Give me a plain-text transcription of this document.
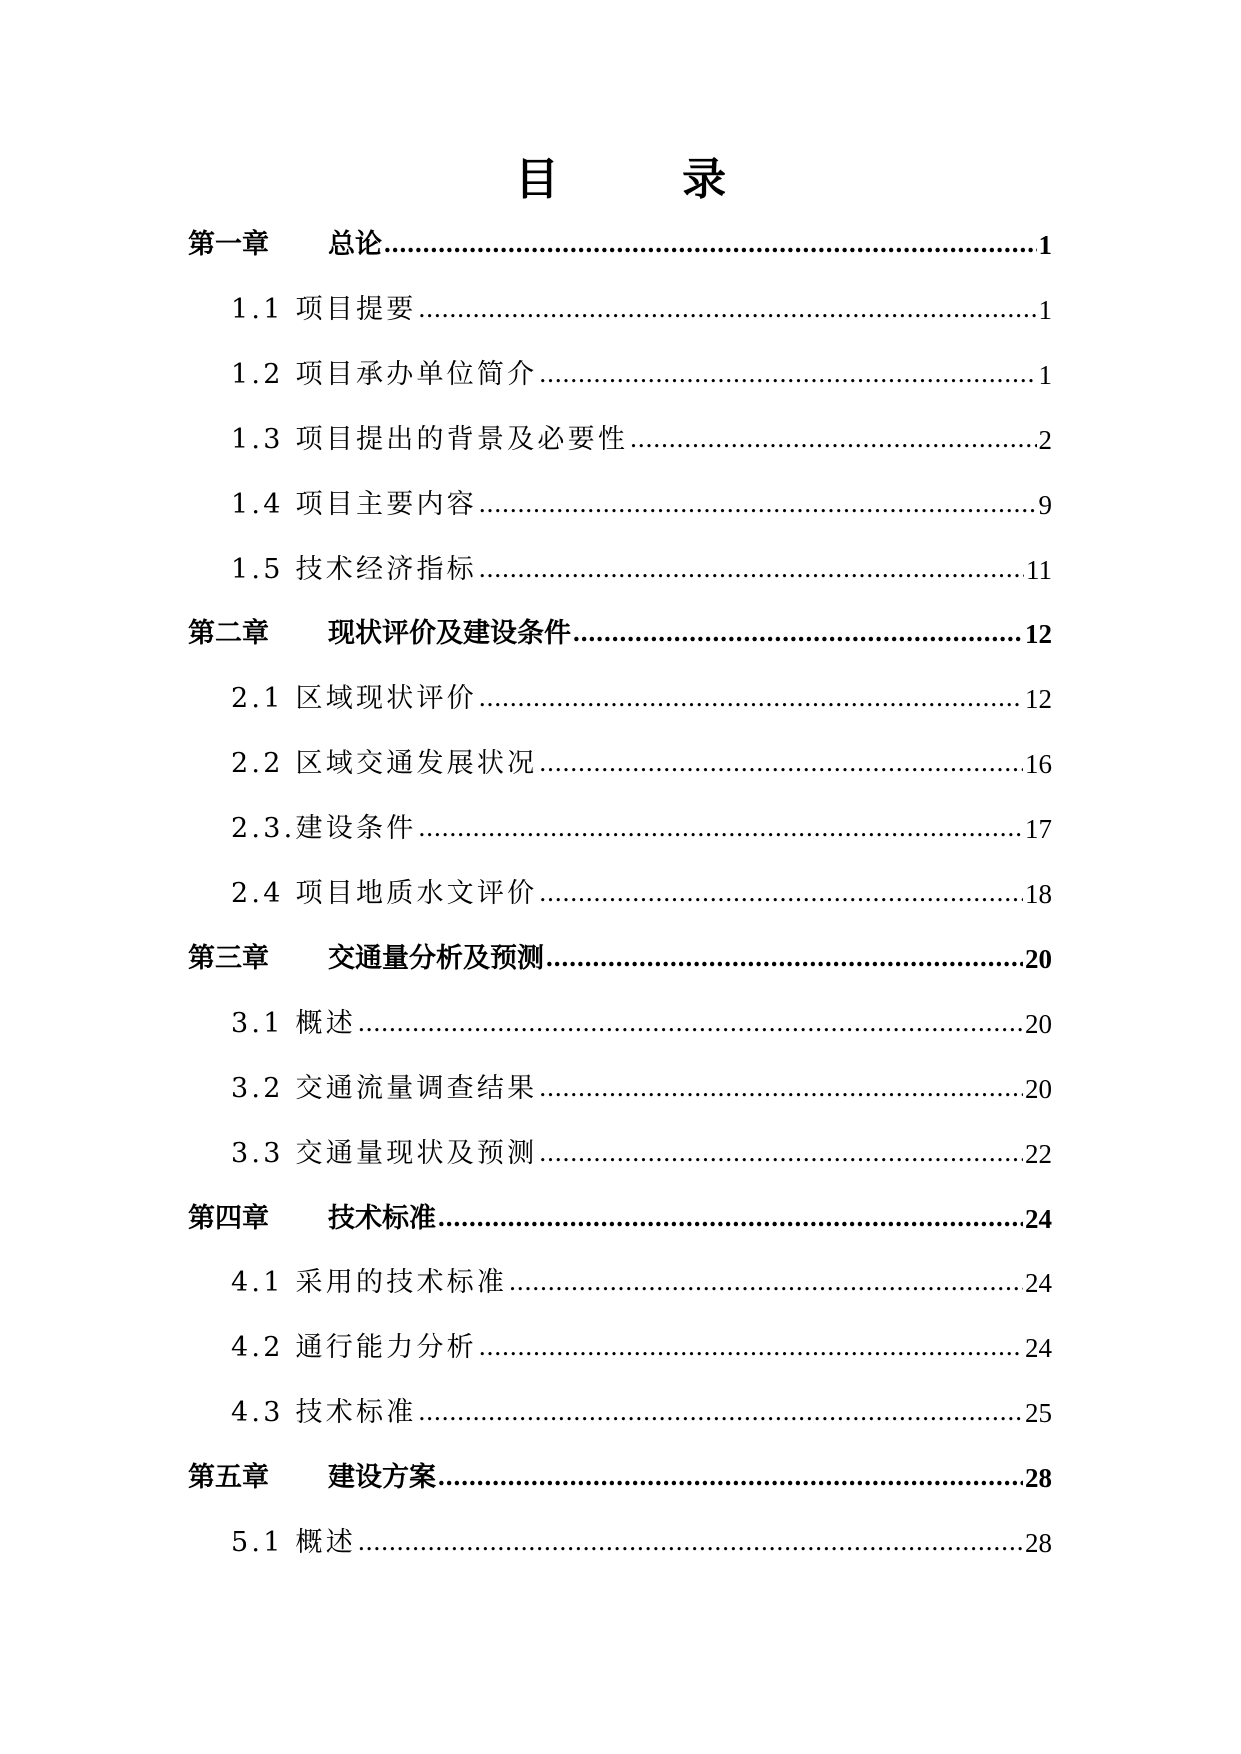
目　录
第一章 总论 .....	1
1.1 项目提要 .....	1
1.2 项目承办单位简介 .....	1
1.3 项目提出的背景及必要性 .....	2
1.4 项目主要内容 .....	9
1.5 技术经济指标 .....	11
第二章 现状评价及建设条件 .....	12
2.1 区域现状评价 .....	12
2.2 区域交通发展状况 .....	16
2.3.建设条件 .....	17
2.4 项目地质水文评价 .....	18
第三章 交通量分析及预测 .....	20
3.1 概述 .....	20
3.2 交通流量调查结果 .....	20
3.3 交通量现状及预测 .....	22
第四章 技术标准 .....	24
4.1 采用的技术标准 .....	24
4.2 通行能力分析 .....	24
4.3 技术标准 .....	25
第五章 建设方案 .....	28
5.1 概述 .....	28
